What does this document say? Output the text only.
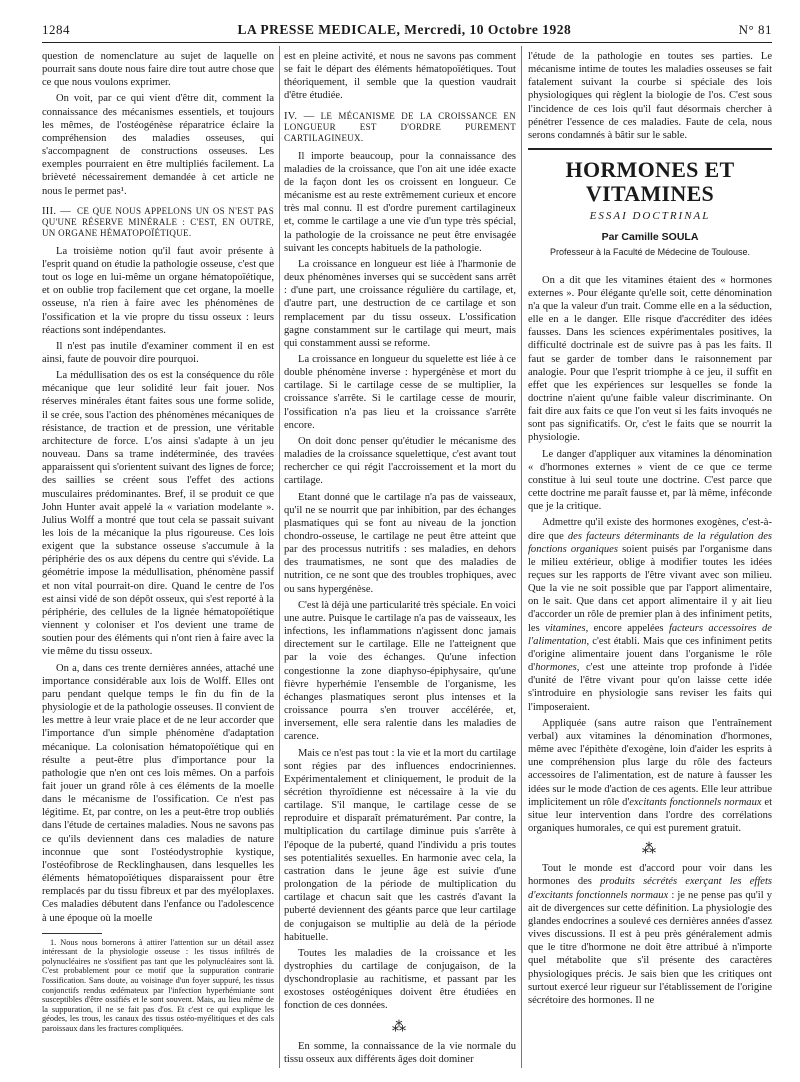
1284	LA PRESSE MEDICALE, Mercredi, 10 Octobre 1928	N° 81

question de nomenclature au sujet de laquelle on pourrait sans doute nous faire dire tout autre chose que ce que nous voulons exprimer.

On voit, par ce qui vient d'être dit, comment la connaissance des mécanismes essentiels, et toujours les mêmes, de l'ostéogénèse réparatrice éclaire la compréhension des maladies osseuses, qui s'accompagnent de constructions osseuses. Les exemples pourraient en être multipliés facilement. La brièveté nécessairement demandée à cet article ne nous le permet pas¹.

III. — CE QUE NOUS APPELONS UN OS N'EST PAS QU'UNE RÉSERVE MINÉRALE : C'EST, EN OUTRE, UN ORGANE HÉMATOPOÏÉTIQUE.

La troisième notion qu'il faut avoir présente à l'esprit quand on étudie la pathologie osseuse, c'est que tout os loge en lui-même un organe hématopoïétique, et on oublie trop facilement que cet organe, la moelle osseuse, n'a rien à faire avec les phénomènes de l'ossification et la vie propre du tissu osseux : leurs réactions sont indépendantes.

Il n'est pas inutile d'examiner comment il en est ainsi, faute de pouvoir dire pourquoi.

La médullisation des os est la conséquence du rôle mécanique que leur solidité leur fait jouer. Nos réserves minérales étant faites sous une forme solide, il se crée, sous l'action des phénomènes mécaniques de résistance, de traction et de pression, une véritable architecture de force. L'os ainsi s'adapte à un jeu nouveau. Dans sa trame indéterminée, des travées apparaissent qui s'orientent suivant des lignes de force; des saillies se créent sous l'effet des actions musculaires prédominantes. Bref, il se produit ce que John Hunter avait appelé la « variation modelante ». Julius Wolff a montré que tout cela se passait suivant les lois de la mécanique la plus rigoureuse. Ces lois exigent que la substance osseuse s'accumule à la périphérie des os aux dépens du centre qui s'évide. La géométrie impose la médullisation, phénomène passif et non vital pourrait-on dire. Quand le centre de l'os est ainsi vidé de son dépôt osseux, qui s'est reporté à la périphérie, des cellules de la lignée hématopoïétique viennent y coloniser et l'os devient une trame de soutien pour des éléments qui n'ont rien à faire avec la vie même du tissu osseux.

On a, dans ces trente dernières années, attaché une importance considérable aux lois de Wolff. Elles ont paru pendant quelque temps le fin du fin de la physiologie et de la pathologie osseuses. Il convient de les mettre à leur vraie place et de ne leur accorder que l'importance d'un simple phénomène d'adaptation mécanique. La colonisation hématopoïétique qui en résulte a peut-être plus d'importance pour la pathologie que n'en ont ces lois mêmes. On a parfois fait jouer un grand rôle à ces éléments de la moelle dans le mécanisme de l'ossification. Ce n'est pas légitime. Et, par contre, on les a peut-être trop oubliés dans l'étude de certaines maladies. Nous ne savons pas ce qu'ils deviennent dans ces maladies de nature inconnue que sont l'ostéodystrophie kystique, l'ostéofibrose de Recklinghausen, dans lesquelles les éléments hématopoïétiques disparaissent pour être remplacés par du tissu fibreux et par des myéloplaxes. Ces maladies débutent dans l'enfance ou l'adolescence à une époque où la moelle

1. Nous nous bornerons à attirer l'attention sur un détail assez intéressant de la physiologie osseuse : les tissus infiltrés de polynucléaires ne s'ossifient pas tant que les polynucléaires sont là. C'est probablement pour ce motif que la suppuration contrarie l'ossification. Sans doute, au voisinage d'un foyer suppuré, les tissus conjonctifs rendus œdémateux par l'infection hyperhémiante sont susceptibles d'être ossifiés et le sont souvent. Mais, au lieu même de la suppuration, il ne se fait pas d'os. Et c'est ce qui explique les géodes, les trous, les canaux des tissus ostéo-myélitiques et des cals paroissaux dans les fractures compliquées.

est en pleine activité, et nous ne savons pas comment se fait le départ des éléments hématopoïétiques. Tout théoriquement, il semble que la question vaudrait d'être étudiée.

IV. — LE MÉCANISME DE LA CROISSANCE EN LONGUEUR EST D'ORDRE PUREMENT CARTILAGINEUX.

Il importe beaucoup, pour la connaissance des maladies de la croissance, que l'on ait une idée exacte de la façon dont les os croissent en longueur. Ce mécanisme est au reste extrêmement curieux et encore très mal connu. Il est d'ordre purement cartilagineux et, comme le cartilage a une vie d'un type très spécial, la pathologie de la croissance ne peut être envisagée suivant les concepts habituels de la pathologie.

La croissance en longueur est liée à l'harmonie de deux phénomènes inverses qui se succèdent sans arrêt : d'une part, une croissance régulière du cartilage, et, d'autre part, une destruction de ce cartilage et son remplacement par du tissu osseux. L'ossification gagne constamment sur le cartilage qui meurt, mais qui constamment aussi se reforme.

La croissance en longueur du squelette est liée à ce double phénomène inverse : hypergénèse et mort du cartilage. Si le cartilage cesse de se multiplier, la croissance s'arrête. Si le cartilage cesse de mourir, l'ossification n'a pas lieu et la croissance s'arrête encore.

On doit donc penser qu'étudier le mécanisme des maladies de la croissance squelettique, c'est avant tout rechercher ce qui régit l'accroissement et la mort du cartilage.

Etant donné que le cartilage n'a pas de vaisseaux, qu'il ne se nourrit que par inhibition, par des échanges plasmatiques qui se font au niveau de la jonction chondro-osseuse, le cartilage ne peut être atteint que par des processus nutritifs : ses maladies, en dehors des traumatismes, ne sont que des maladies de nutrition, ce ne sont que des troubles trophiques, avec ou sans hypergénèse.

C'est là déjà une particularité très spéciale. En voici une autre. Puisque le cartilage n'a pas de vaisseaux, les infections, les inflammations n'agissent donc jamais directement sur le cartilage. Elle ne l'atteignent que par la voie des échanges. Qu'une infection congestionne la zone diaphyso-épiphysaire, qu'une fièvre hyperhémie l'ensemble de l'organisme, les échanges plasmatiques seront plus intenses et la croissance pourra s'en trouver accélérée, et, inversement, elle sera ralentie dans les maladies de carence.

Mais ce n'est pas tout : la vie et la mort du cartilage sont régies par des influences endocriniennes. Expérimentalement et cliniquement, le produit de la sécrétion thyroïdienne est nécessaire à la vie du cartilage. S'il manque, le cartilage cesse de se reproduire et disparaît prématurément. Par contre, la multiplication du cartilage diminue puis s'arrête à l'époque de la puberté, quand l'individu a pris toutes ses potentialités sexuelles. En harmonie avec cela, la castration dans le jeune âge est suivie d'une prolongation de la période de multiplication du cartilage et chacun sait que les castrés d'avant la puberté deviennent des géants parce que leur cartilage de conjugaison se multiplie au delà de la période habituelle.

Toutes les maladies de la croissance et les dystrophies du cartilage de conjugaison, de la dyschondroplasie au rachitisme, et passant par les exostoses ostéogéniques doivent être étudiées en fonction de ces données.

⁂

En somme, la connaissance de la vie normale du tissu osseux aux différents âges doit dominer

l'étude de la pathologie en toutes ses parties. Le mécanisme intime de toutes les maladies osseuses se fait fatalement suivant la courbe si spéciale des lois physiologiques qui règlent la biologie de l'os. C'est sous l'incidence de ces lois qu'il faut désormais chercher à pénétrer l'essence de ces maladies. Faute de cela, nous serons condamnés à bâtir sur le sable.

HORMONES ET VITAMINES

ESSAI DOCTRINAL

Par Camille SOULA

Professeur à la Faculté de Médecine de Toulouse.

On a dit que les vitamines étaient des « hormones externes ». Pour élégante qu'elle soit, cette dénomination n'a que la valeur d'un trait. Comme elle en a la séduction, elle en a le danger. Elle risque d'accréditer des idées fausses. Dans les sciences expérimentales positives, la difficulté doctrinale est de suivre pas à pas les faits. Il faut se garder de tomber dans le raisonnement par analogie. Pour que l'esprit triomphe à ce jeu, il suffit en effet que les expériences sur lesquelles se fonde la doctrine n'aient qu'une faible valeur discriminante. On fait dire aux faits ce que l'on veut si les faits invoqués ne sont pas significatifs. Or, c'est le faits que se nourrit la physiologie.

Le danger d'appliquer aux vitamines la dénomination « d'hormones externes » vient de ce que ce terme constitue à lui seul toute une doctrine. C'est parce que cette doctrine me paraît fausse et, par là même, inféconde que je la critique.

Admettre qu'il existe des hormones exogènes, c'est-à-dire que des facteurs déterminants de la régulation des fonctions organiques soient puisés par l'organisme dans le milieu extérieur, oblige à modifier toutes les idées reçues sur les rapports de l'être vivant avec son milieu. Que la vie ne soit possible que par l'apport alimentaire, on le sait. Que dans cet apport alimentaire il y ait lieu d'accorder un rôle de premier plan à des infiniment petits, les vitamines, encore appelées facteurs accessoires de l'alimentation, c'est établi. Mais que ces infiniment petits d'origine alimentaire jouent dans l'organisme le rôle d'hormones, c'est une atteinte trop profonde à l'idée d'unité de l'être vivant pour qu'on laisse cette idée s'introduire en physiologie sans reviser les faits qui l'imposeraient.

Appliquée (sans autre raison que l'entraînement verbal) aux vitamines la dénomination d'hormones, même avec l'épithète d'exogène, loin d'aider les esprits à une compréhension plus large du rôle des facteurs accessoires de l'alimentation, est de nature à fausser les idées sur le mode d'action de ces agents. Elle leur attribue implicitement un rôle d'excitants fonctionnels normaux et situe leur intervention dans l'ordre des corrélations organiques humorales, ce qui est purement gratuit.

⁂

Tout le monde est d'accord pour voir dans les hormones des produits sécrétés exerçant les effets d'excitants fonctionnels normaux : je ne pense pas qu'il y ait de divergences sur cette définition. La physiologie des glandes endocrines a soulevé ces dernières années d'assez vives discussions. Il est à peu près généralement admis que le titre d'hormone ne doit être attribué à n'importe quel métabolite que s'il présente des caractères physiologiques précis. Je sais bien que les critiques ont surtout exercé leur rigueur sur l'établissement de l'origine sécrétoire des hormones. Il ne
